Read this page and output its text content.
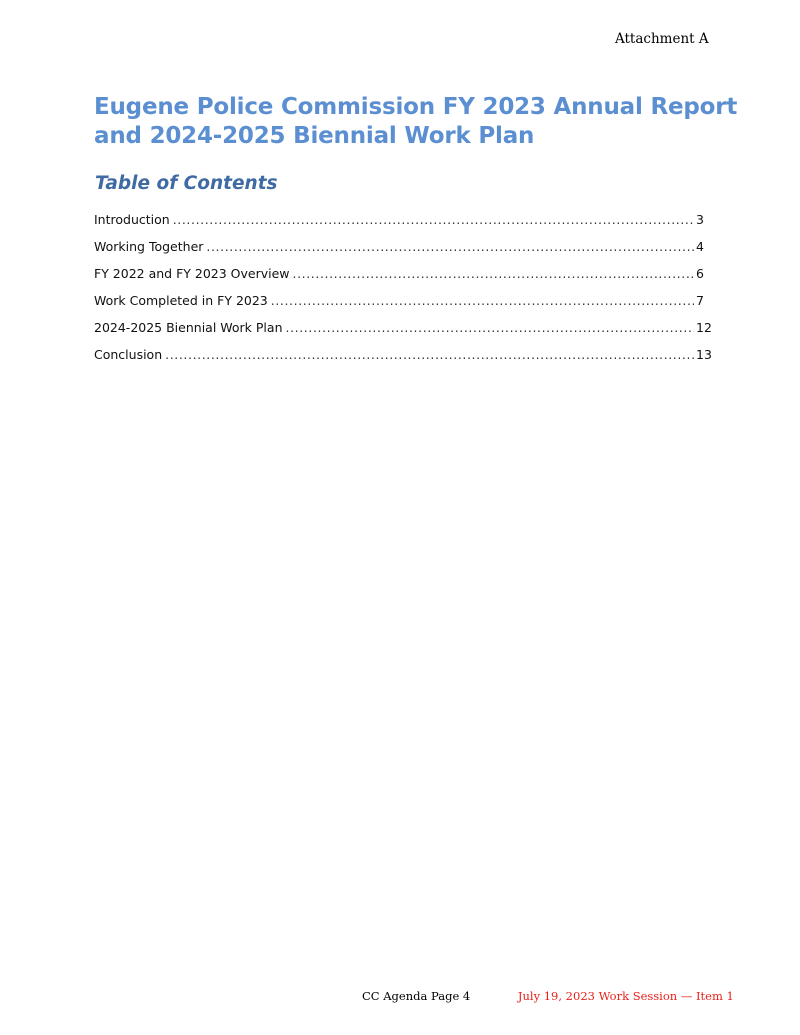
Attachment A
Eugene Police Commission FY 2023 Annual Report and 2024-2025 Biennial Work Plan
Table of Contents
Introduction .....	3
Working Together .....	4
FY 2022 and FY 2023 Overview .....	6
Work Completed in FY 2023 .....	7
2024-2025 Biennial Work Plan .....	12
Conclusion .....	13
CC Agenda Page 4	July 19, 2023 Work Session — Item 1
